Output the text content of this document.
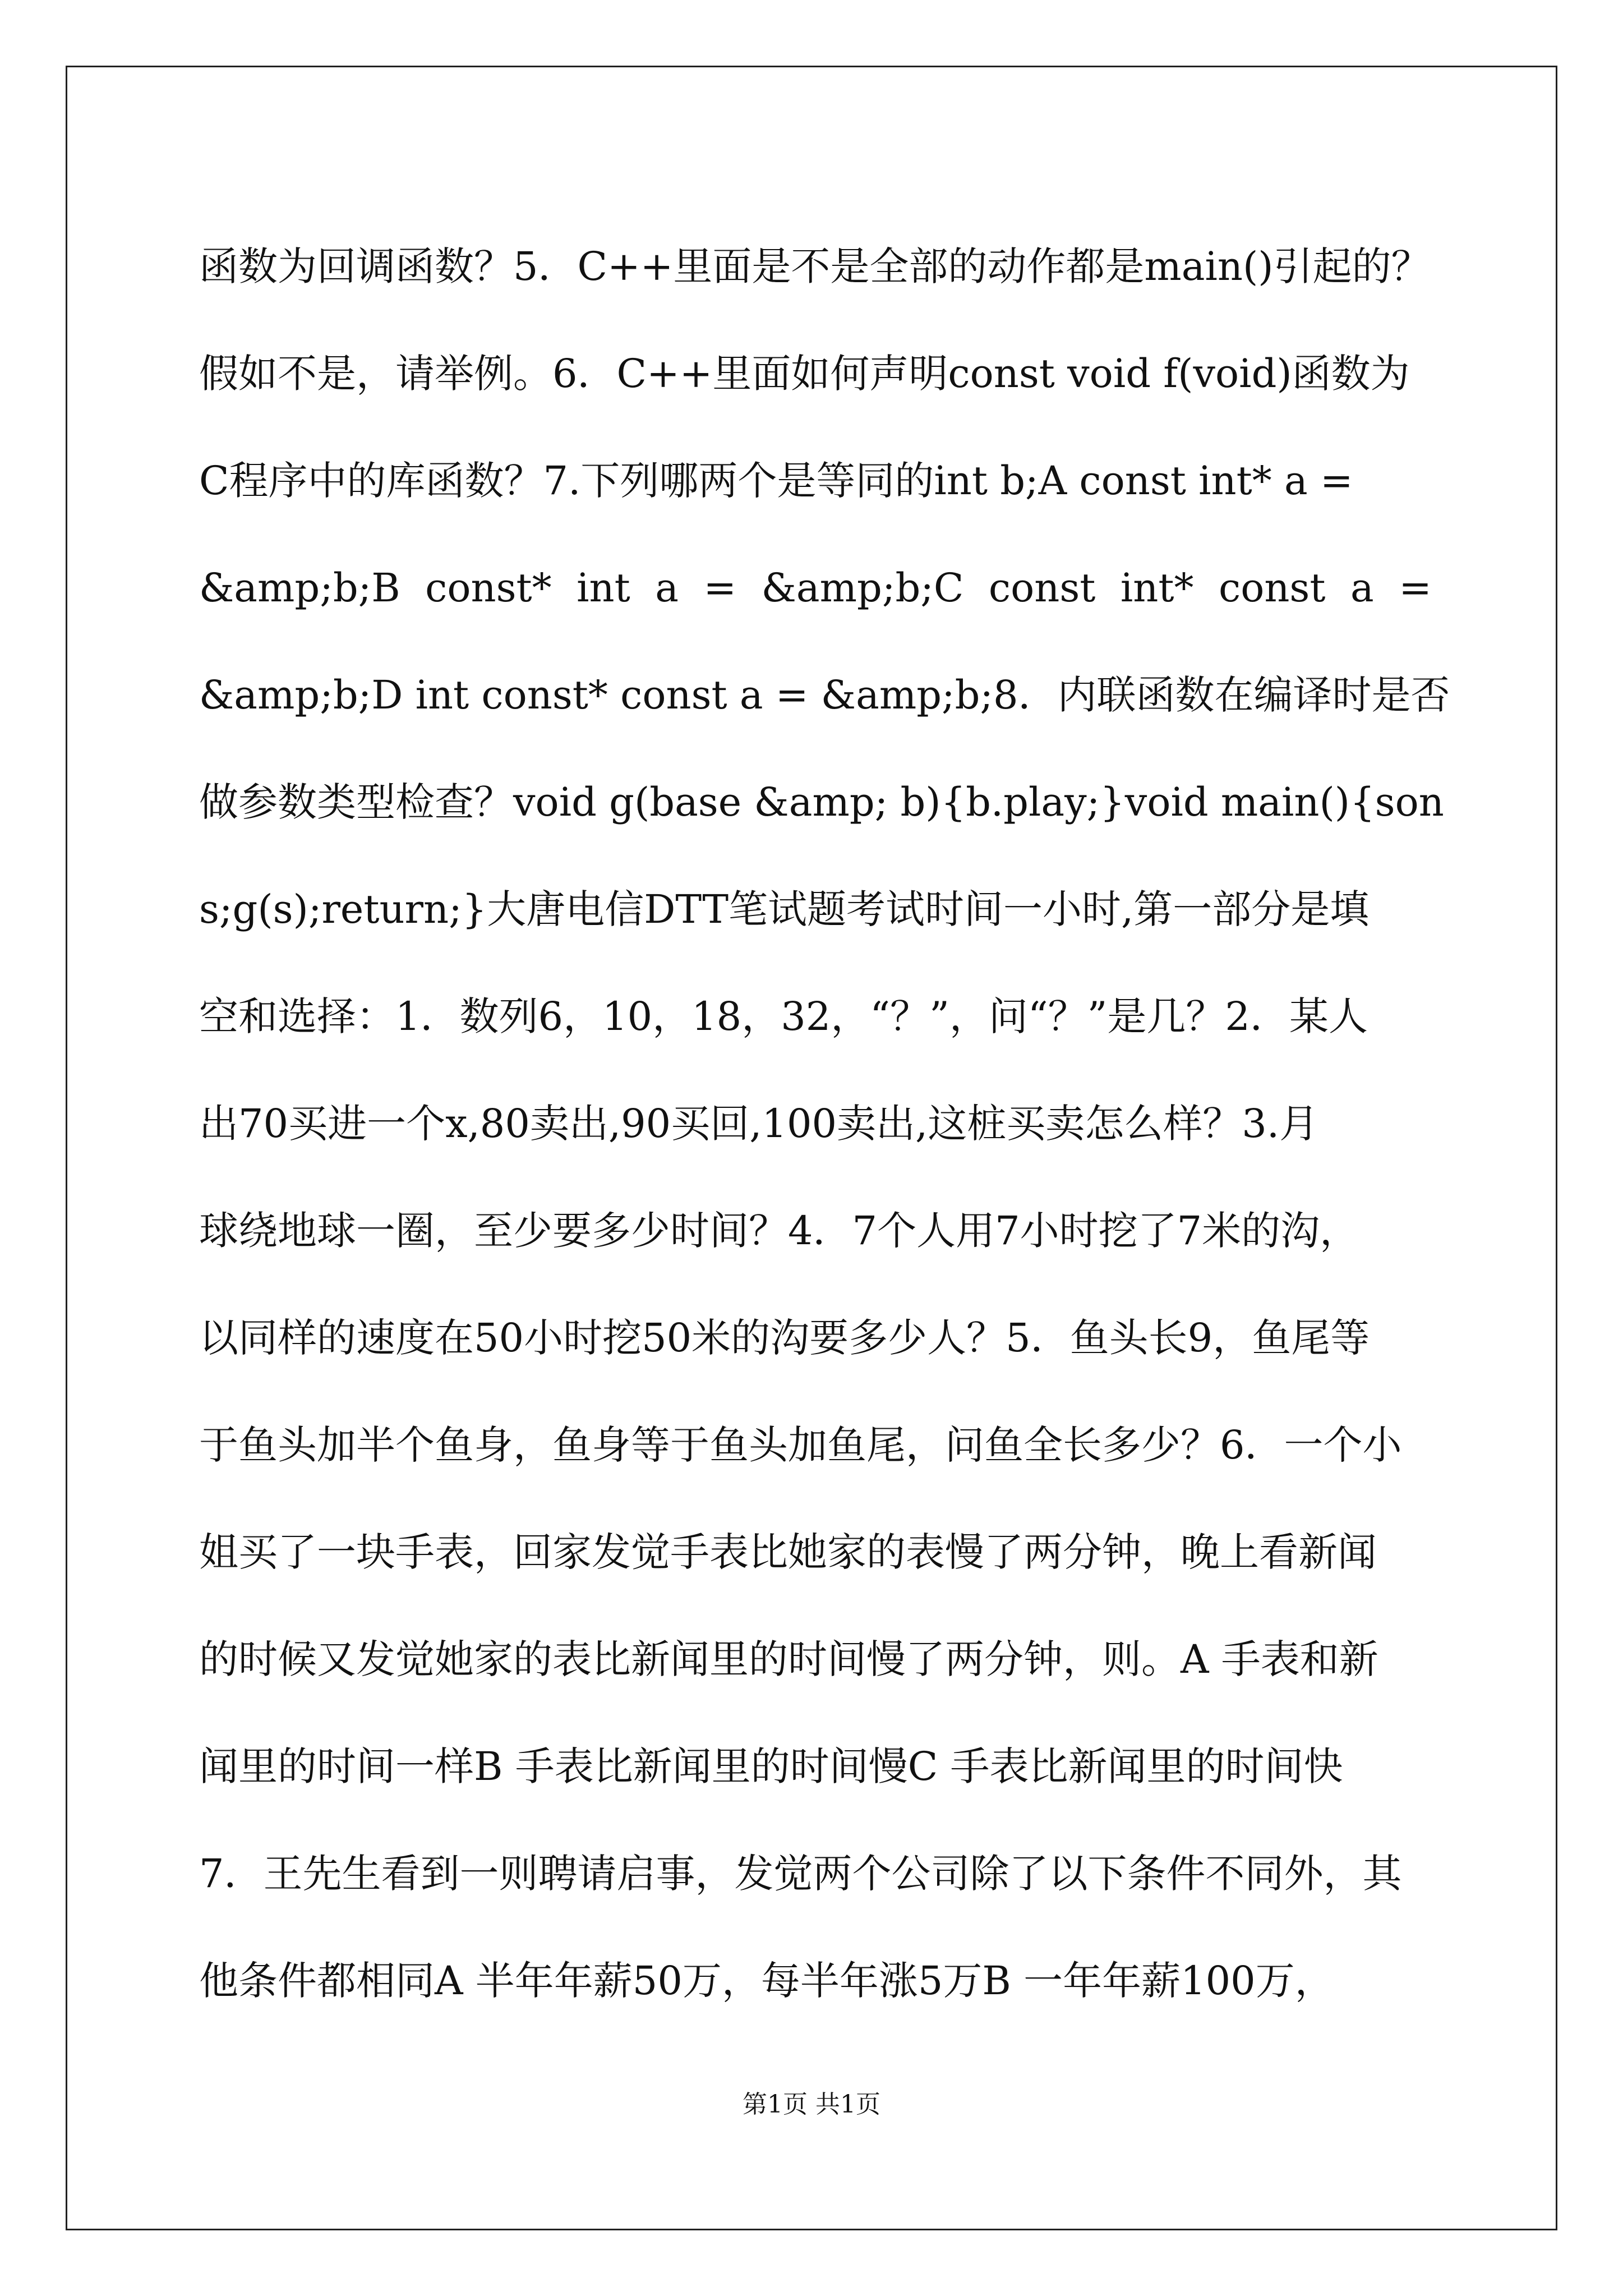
函数为回调函数？5．C++里面是不是全部的动作都是main()引起的？
假如不是，请举例。6．C++里面如何声明const void f(void)函数为
C程序中的库函数？7.下列哪两个是等同的int b;A const int* a =
&amp;b;B  const*  int  a  =  &amp;b;C  const  int*  const  a  =
&amp;b;D int const* const a = &amp;b;8．内联函数在编译时是否
做参数类型检查？void g(base &amp; b){b.play;}void main(){son
s;g(s);return;}大唐电信DTT笔试题考试时间一小时,第一部分是填
空和选择：1．数列6，10，18，32，“？”，问“？”是几？2．某人
出70买进一个x,80卖出,90买回,100卖出,这桩买卖怎么样？3.月
球绕地球一圈，至少要多少时间？4．7个人用7小时挖了7米的沟，
以同样的速度在50小时挖50米的沟要多少人？5．鱼头长9，鱼尾等
于鱼头加半个鱼身，鱼身等于鱼头加鱼尾，问鱼全长多少？6．一个小
姐买了一块手表，回家发觉手表比她家的表慢了两分钟，晚上看新闻
的时候又发觉她家的表比新闻里的时间慢了两分钟，则。A 手表和新
闻里的时间一样B 手表比新闻里的时间慢C 手表比新闻里的时间快
7．王先生看到一则聘请启事，发觉两个公司除了以下条件不同外，其
他条件都相同A 半年年薪50万，每半年涨5万B 一年年薪100万，
第1页 共1页
